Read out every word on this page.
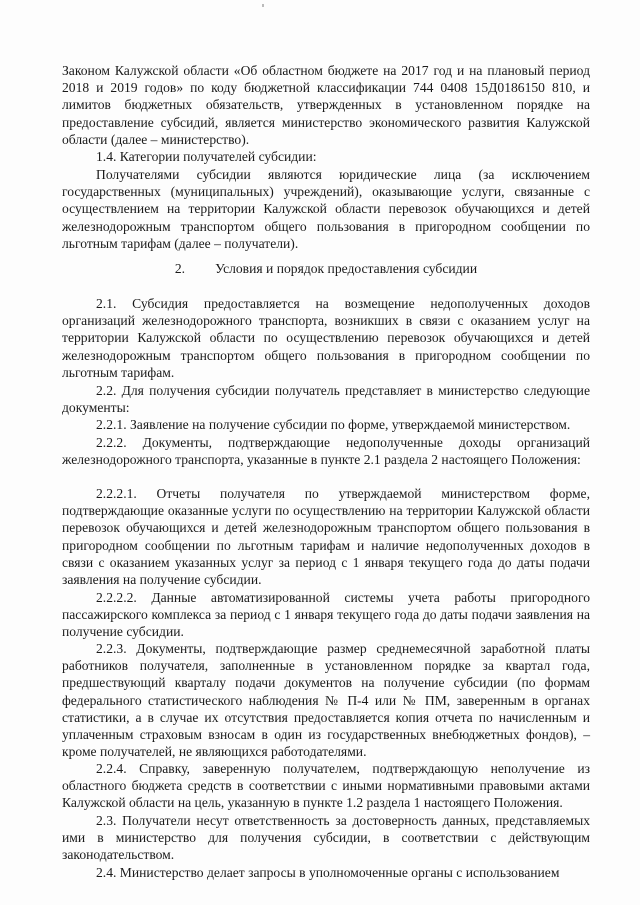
Законом Калужской области «Об областном бюджете на 2017 год и на плановый период 2018 и 2019 годов» по коду бюджетной классификации 744 0408 15Д0186150 810, и лимитов бюджетных обязательств, утвержденных в установленном порядке на предоставление субсидий, является министерство экономического развития Калужской области (далее – министерство).

1.4. Категории получателей субсидии:

Получателями субсидии являются юридические лица (за исключением государственных (муниципальных) учреждений), оказывающие услуги, связанные с осуществлением на территории Калужской области перевозок обучающихся и детей железнодорожным транспортом общего пользования в пригородном сообщении по льготным тарифам (далее – получатели).

2. Условия и порядок предоставления субсидии

2.1. Субсидия предоставляется на возмещение недополученных доходов организаций железнодорожного транспорта, возникших в связи с оказанием услуг на территории Калужской области по осуществлению перевозок обучающихся и детей железнодорожным транспортом общего пользования в пригородном сообщении по льготным тарифам.

2.2. Для получения субсидии получатель представляет в министерство следующие документы:

2.2.1. Заявление на получение субсидии по форме, утверждаемой министерством.

2.2.2. Документы, подтверждающие недополученные доходы организаций железнодорожного транспорта, указанные в пункте 2.1 раздела 2 настоящего Положения:

2.2.2.1. Отчеты получателя по утверждаемой министерством форме, подтверждающие оказанные услуги по осуществлению на территории Калужской области перевозок обучающихся и детей железнодорожным транспортом общего пользования в пригородном сообщении по льготным тарифам и наличие недополученных доходов в связи с оказанием указанных услуг за период с 1 января текущего года до даты подачи заявления на получение субсидии.

2.2.2.2. Данные автоматизированной системы учета работы пригородного пассажирского комплекса за период с 1 января текущего года до даты подачи заявления на получение субсидии.

2.2.3. Документы, подтверждающие размер среднемесячной заработной платы работников получателя, заполненные в установленном порядке за квартал года, предшествующий кварталу подачи документов на получение субсидии (по формам федерального статистического наблюдения № П-4 или № ПМ, заверенным в органах статистики, а в случае их отсутствия предоставляется копия отчета по начисленным и уплаченным страховым взносам в один из государственных внебюджетных фондов), – кроме получателей, не являющихся работодателями.

2.2.4. Справку, заверенную получателем, подтверждающую неполучение из областного бюджета средств в соответствии с иными нормативными правовыми актами Калужской области на цель, указанную в пункте 1.2 раздела 1 настоящего Положения.

2.3. Получатели несут ответственность за достоверность данных, представляемых ими в министерство для получения субсидии, в соответствии с действующим законодательством.

2.4. Министерство делает запросы в уполномоченные органы с использованием
